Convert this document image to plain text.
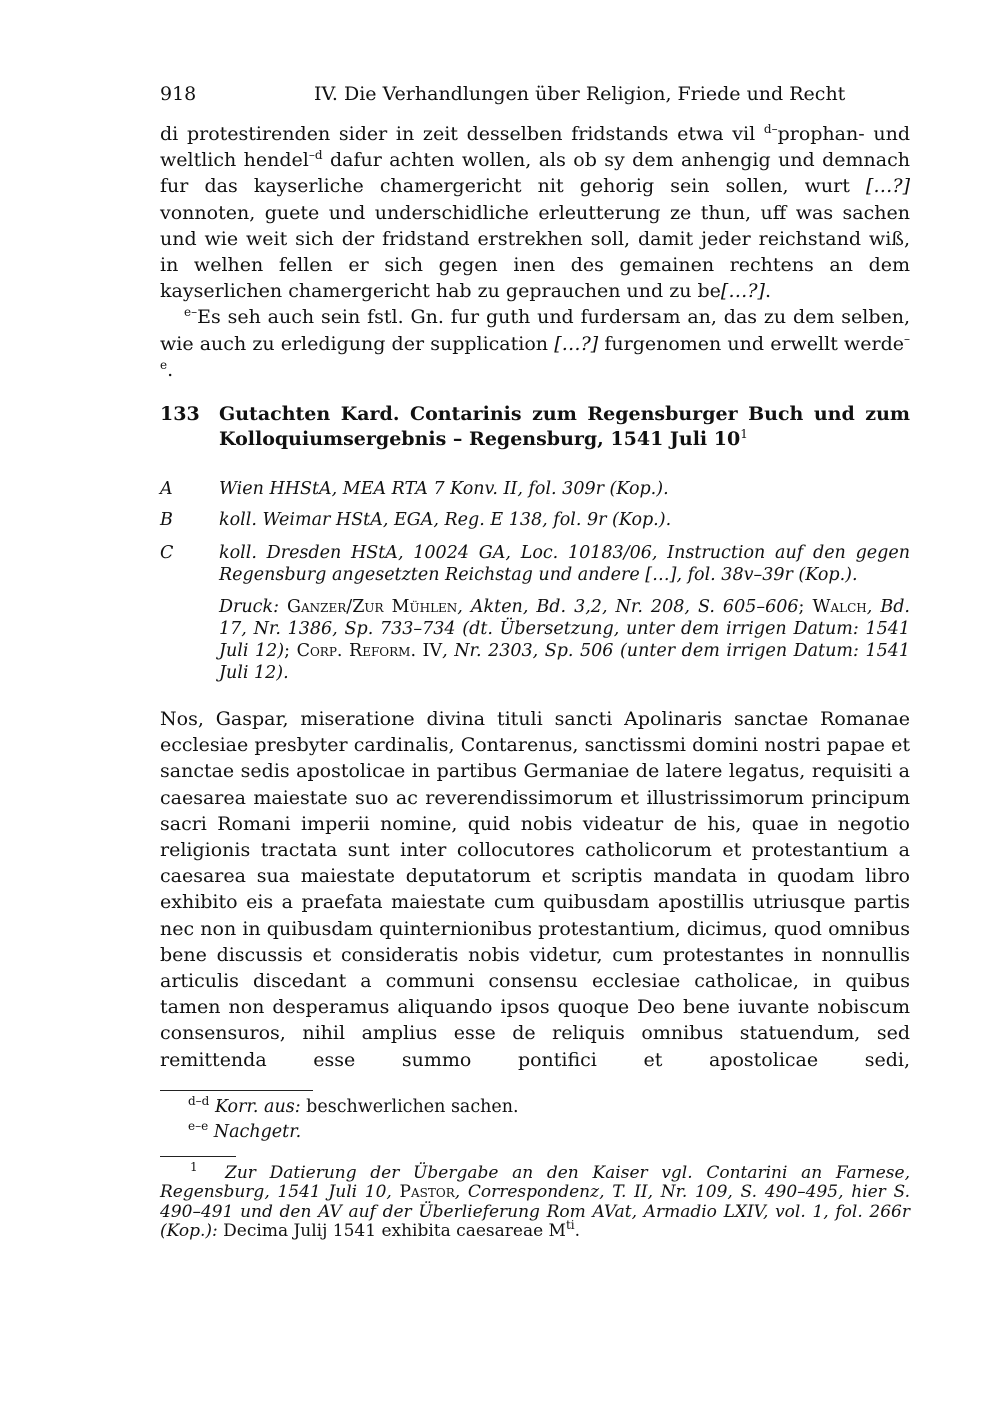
918	IV. Die Verhandlungen über Religion, Friede und Recht

di protestirenden sider in zeit desselben fridstands etwa vil $^{d-}$prophan- und weltlich hendel$^{-d}$ dafur achten wollen, als ob sy dem anhengig und demnach fur das kayserliche chamergericht nit gehorig sein sollen, wurt […?] vonnoten, guete und underschidliche erleutterung ze thun, uff was sachen und wie weit sich der fridstand erstrekhen soll, damit jeder reichstand wiß, in welhen fellen er sich gegen inen des gemainen rechtens an dem kayserlichen chamergericht hab zu geprauchen und zu be[…?].

$^{e-}$Es seh auch sein fstl. Gn. fur guth und furdersam an, das zu dem selben, wie auch zu erledigung der supplication […?] furgenomen und erwellt werde$^{-e}$.

133 Gutachten Kard. Contarinis zum Regensburger Buch und zum Kolloquiumsergebnis – Regensburg, 1541 Juli $10^1$
A	Wien HHStA, MEA RTA 7 Konv. II, fol. 309r (Kop.).
B	koll. Weimar HStA, EGA, Reg. E 138, fol. 9r (Kop.).
C	koll. Dresden HStA, 10024 GA, Loc. 10183/06, Instruction auf den gegen Regensburg angesetzten Reichstag und andere […], fol. 38v–39r (Kop.).
Druck: Ganzer/Zur Mühlen, Akten, Bd. 3,2, Nr. 208, S. 605–606; Walch, Bd. 17, Nr. 1386, Sp. 733–734 (dt. Übersetzung, unter dem irrigen Datum: 1541 Juli 12); Corp. Reform. IV, Nr. 2303, Sp. 506 (unter dem irrigen Datum: 1541 Juli 12).

Nos, Gaspar, miseratione divina tituli sancti Apolinaris sanctae Romanae ecclesiae presbyter cardinalis, Contarenus, sanctissmi domini nostri papae et sanctae sedis apostolicae in partibus Germaniae de latere legatus, requisiti a caesarea maiestate suo ac reverendissimorum et illustrissimorum principum sacri Romani imperii nomine, quid nobis videatur de his, quae in negotio religionis tractata sunt inter collocutores catholicorum et protestantium a caesarea sua maiestate deputatorum et scriptis mandata in quodam libro exhibito eis a praefata maiestate cum quibusdam apostillis utriusque partis nec non in quibusdam quinternionibus protestantium, dicimus, quod omnibus bene discussis et consideratis nobis videtur, cum protestantes in nonnullis articulis discedant a communi consensu ecclesiae catholicae, in quibus tamen non desperamus aliquando ipsos quoque Deo bene iuvante nobiscum consensuros, nihil amplius esse de reliquis omnibus statuendum, sed remittenda esse summo pontifici et apostolicae sedi,

$^{d-d}$ Korr. aus: beschwerlichen sachen.
$^{e-e}$ Nachgetr.
$^1$ Zur Datierung der Übergabe an den Kaiser vgl. Contarini an Farnese, Regensburg, 1541 Juli 10, Pastor, Correspondenz, T. II, Nr. 109, S. 490–495, hier S. 490–491 und den AV auf der Überlieferung Rom AVat, Armadio LXIV, vol. 1, fol. 266r (Kop.): Decima Julij 1541 exhibita caesareae $M^{ti}$.
